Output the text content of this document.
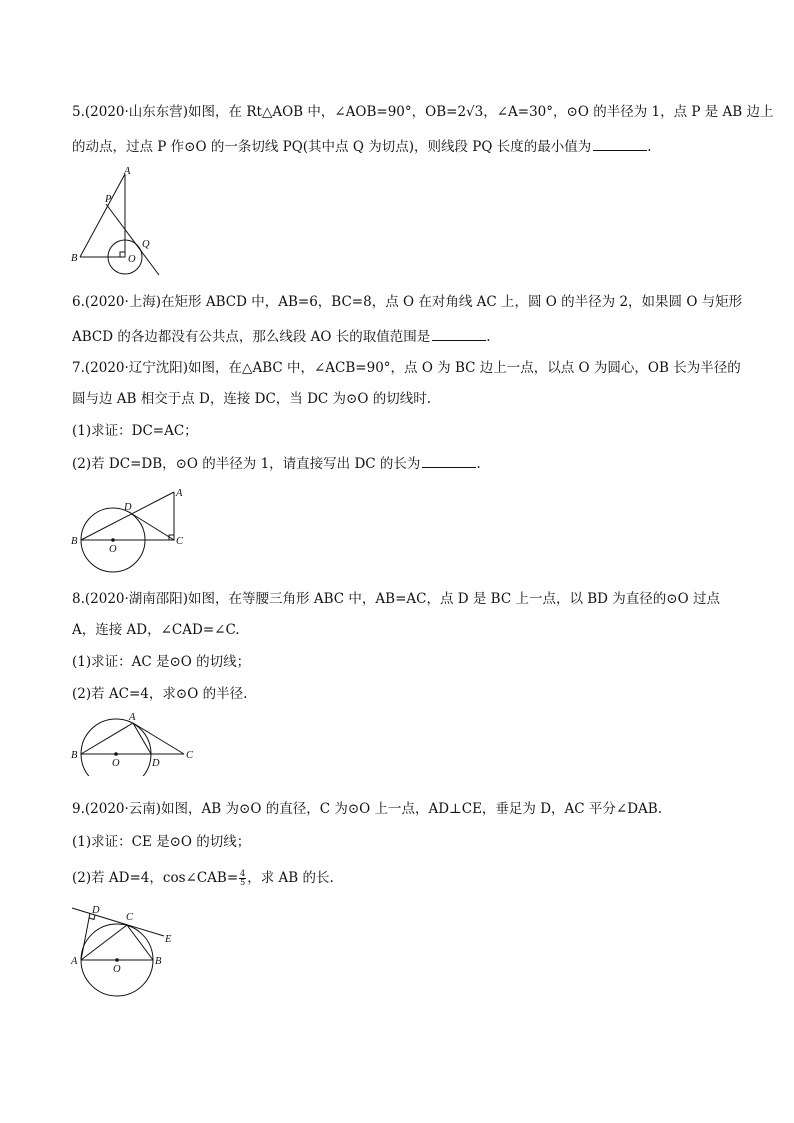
5.(2020·山东东营)如图，在 Rt△AOB 中，∠AOB=90°，OB=2√3，∠A=30°，⊙O 的半径为 1，点 P 是 AB 边上
的动点，过点 P 作⊙O 的一条切线 PQ(其中点 Q 为切点)，则线段 PQ 长度的最小值为	.
A
P
Q
B	O
6.(2020·上海)在矩形 ABCD 中，AB=6，BC=8，点 O 在对角线 AC 上，圆 O 的半径为 2，如果圆 O 与矩形
ABCD 的各边都没有公共点，那么线段 AO 长的取值范围是	.
7.(2020·辽宁沈阳)如图，在△ABC 中，∠ACB=90°，点 O 为 BC 边上一点，以点 O 为圆心，OB 长为半径的
圆与边 AB 相交于点 D，连接 DC，当 DC 为⊙O 的切线时.
(1)求证：DC=AC；
(2)若 DC=DB，⊙O 的半径为 1，请直接写出 DC 的长为	.
A
D
B
O
C
8.(2020·湖南邵阳)如图，在等腰三角形 ABC 中，AB=AC，点 D 是 BC 上一点，以 BD 为直径的⊙O 过点
A，连接 AD，∠CAD=∠C.
(1)求证：AC 是⊙O 的切线；
(2)若 AC=4，求⊙O 的半径.
A
B
O	D
C
9.(2020·云南)如图，AB 为⊙O 的直径，C 为⊙O 上一点，AD⊥CE，垂足为 D，AC 平分∠DAB.
(1)求证：CE 是⊙O 的切线；
(2)若 AD=4，cos∠CAB= $\frac{4}{5}$ ，求 AB 的长.
D
C
E
A
O
B
